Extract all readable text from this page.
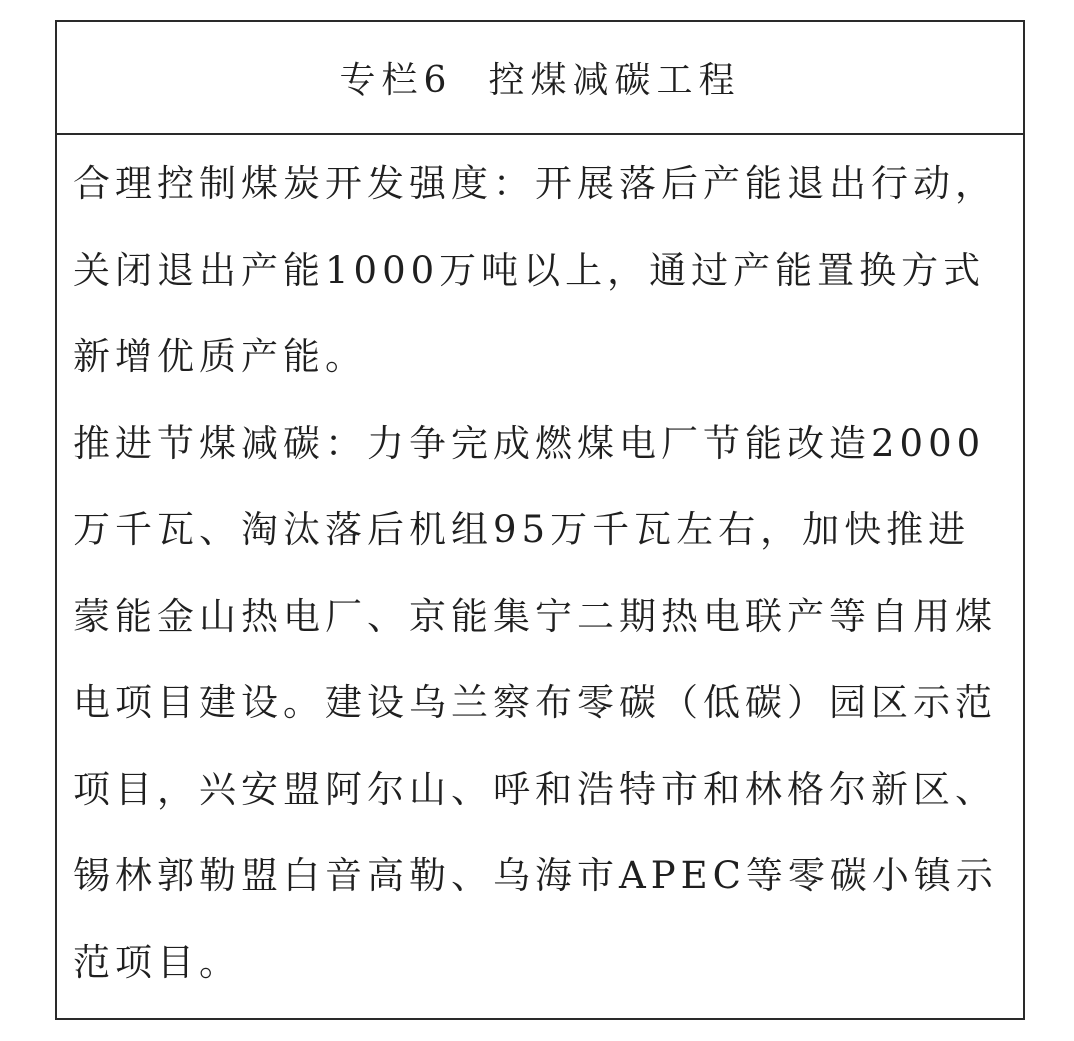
专栏6 控煤减碳工程

合理控制煤炭开发强度：开展落后产能退出行动，关闭退出产能1000万吨以上，通过产能置换方式新增优质产能。

推进节煤减碳：力争完成燃煤电厂节能改造2000万千瓦、淘汰落后机组95万千瓦左右，加快推进蒙能金山热电厂、京能集宁二期热电联产等自用煤电项目建设。建设乌兰察布零碳（低碳）园区示范项目，兴安盟阿尔山、呼和浩特市和林格尔新区、锡林郭勒盟白音高勒、乌海市APEC等零碳小镇示范项目。
